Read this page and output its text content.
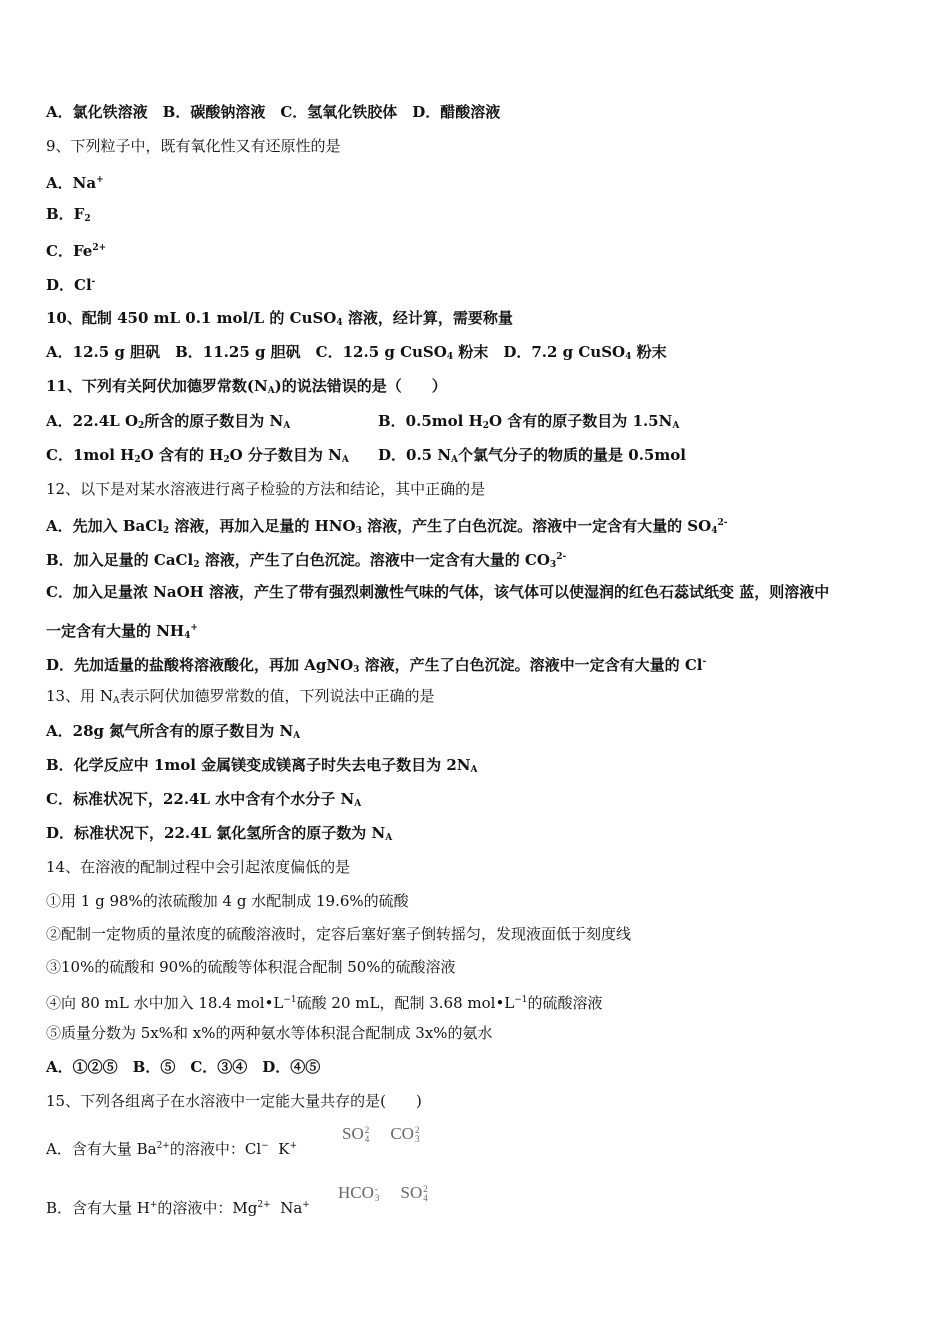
A．氯化铁溶液　B．碳酸钠溶液　C．氢氧化铁胶体　D．醋酸溶液
9、下列粒子中，既有氧化性又有还原性的是
A．Na+
B．$F_2$
C．$Fe^{2+}$
D．Cl-
10、配制 450 mL 0.1 mol/L 的 CuSO$_4$ 溶液，经计算，需要称量
A．12.5 g 胆矾　B．11.25 g 胆矾　C．12.5 g CuSO$_4$ 粉末　D．7.2 g CuSO$_4$ 粉末
11、下列有关阿伏加德罗常数$(N_A)$的说法错误的是（　　）
A．22.4L $O_2$所含的原子数目为 $N_A$	B．0.5mol $H_2O$ 含有的原子数目为 $1.5N_A$
C．1mol $H_2O$ 含有的 $H_2O$ 分子数目为 $N_A$ D．0.5 $N_A$个氯气分子的物质的量是 0.5mol
12、以下是对某水溶液进行离子检验的方法和结论，其中正确的是
A．先加入 BaCl$_2$ 溶液，再加入足量的 $HNO_3$ 溶液，产生了白色沉淀。溶液中一定含有大量的 $SO_4^{2-}$
B．加入足量的 CaCl$_2$ 溶液，产生了白色沉淀。溶液中一定含有大量的 $CO_3^{2-}$
C．加入足量浓 NaOH 溶液，产生了带有强烈刺激性气味的气体，该气体可以使湿润的红色石蕊试纸变 蓝，则溶液中
一定含有大量的 $NH_4^+$
D．先加适量的盐酸将溶液酸化，再加 AgNO$_3$ 溶液，产生了白色沉淀。溶液中一定含有大量的 Cl-
13、用 $N_A$表示阿伏加德罗常数的值，下列说法中正确的是
A．28g 氮气所含有的原子数目为 $N_A$
B．化学反应中 1mol 金属镁变成镁离子时失去电子数目为 $2N_A$
C．标准状况下，22.4L 水中含有个水分子 $N_A$
D．标准状况下，22.4L 氯化氢所含的原子数为 $N_A$
14、在溶液的配制过程中会引起浓度偏低的是
①用 1 g 98%的浓硫酸加 4 g 水配制成 19.6%的硫酸
②配制一定物质的量浓度的硫酸溶液时，定容后塞好塞子倒转摇匀，发现液面低于刻度线
③10%的硫酸和 90%的硫酸等体积混合配制 50%的硫酸溶液
④向 80 mL 水中加入 18.4 $mol•L^{-1}$硫酸 20 mL，配制 3.68 $mol•L^{-1}$的硫酸溶液
⑤质量分数为 5x%和 x%的两种氨水等体积混合配制成 3x%的氨水
A．①②⑤　B．⑤　C．③④　D．④⑤
15、下列各组离子在水溶液中一定能大量共存的是(　　)
A．含有大量 $Ba^{2+}$的溶液中：Cl− K+
SO 2
4 CO 2
3
B．含有大量 H+的溶液中：$Mg^{2+}$ Na+
HCO -
3 SO 2
4
